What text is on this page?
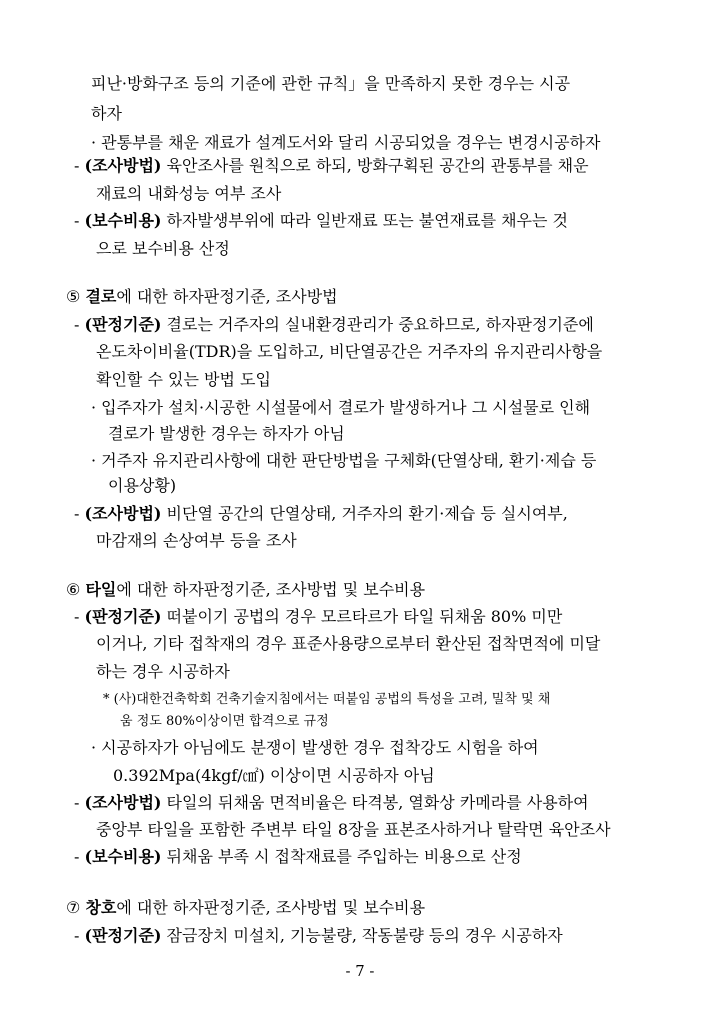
피난·방화구조 등의 기준에 관한 규칙」을 만족하지 못한 경우는 시공
하자
· 관통부를 채운 재료가 설계도서와 달리 시공되었을 경우는 변경시공하자
- (조사방법) 육안조사를 원칙으로 하되, 방화구획된 공간의 관통부를 채운
재료의 내화성능 여부 조사
- (보수비용) 하자발생부위에 따라 일반재료 또는 불연재료를 채우는 것
으로 보수비용 산정
⑤ 결로에 대한 하자판정기준, 조사방법
- (판정기준) 결로는 거주자의 실내환경관리가 중요하므로, 하자판정기준에
온도차이비율(TDR)을 도입하고, 비단열공간은 거주자의 유지관리사항을
확인할 수 있는 방법 도입
· 입주자가 설치·시공한 시설물에서 결로가 발생하거나 그 시설물로 인해
결로가 발생한 경우는 하자가 아님
· 거주자 유지관리사항에 대한 판단방법을 구체화(단열상태, 환기·제습 등
이용상황)
- (조사방법) 비단열 공간의 단열상태, 거주자의 환기·제습 등 실시여부,
마감재의 손상여부 등을 조사
⑥ 타일에 대한 하자판정기준, 조사방법 및 보수비용
- (판정기준) 떠붙이기 공법의 경우 모르타르가 타일 뒤채움 80% 미만
이거나, 기타 접착재의 경우 표준사용량으로부터 환산된 접착면적에 미달
하는 경우 시공하자
* (사)대한건축학회 건축기술지침에서는 떠붙임 공법의 특성을 고려, 밀착 및 채
움 정도 80%이상이면 합격으로 규정
· 시공하자가 아님에도 분쟁이 발생한 경우 접착강도 시험을 하여
0.392Mpa(4kgf/㎠) 이상이면 시공하자 아님
- (조사방법) 타일의 뒤채움 면적비율은 타격봉, 열화상 카메라를 사용하여
중앙부 타일을 포함한 주변부 타일 8장을 표본조사하거나 탈락면 육안조사
- (보수비용) 뒤채움 부족 시 접착재료를 주입하는 비용으로 산정
⑦ 창호에 대한 하자판정기준, 조사방법 및 보수비용
- (판정기준) 잠금장치 미설치, 기능불량, 작동불량 등의 경우 시공하자
- 7 -
